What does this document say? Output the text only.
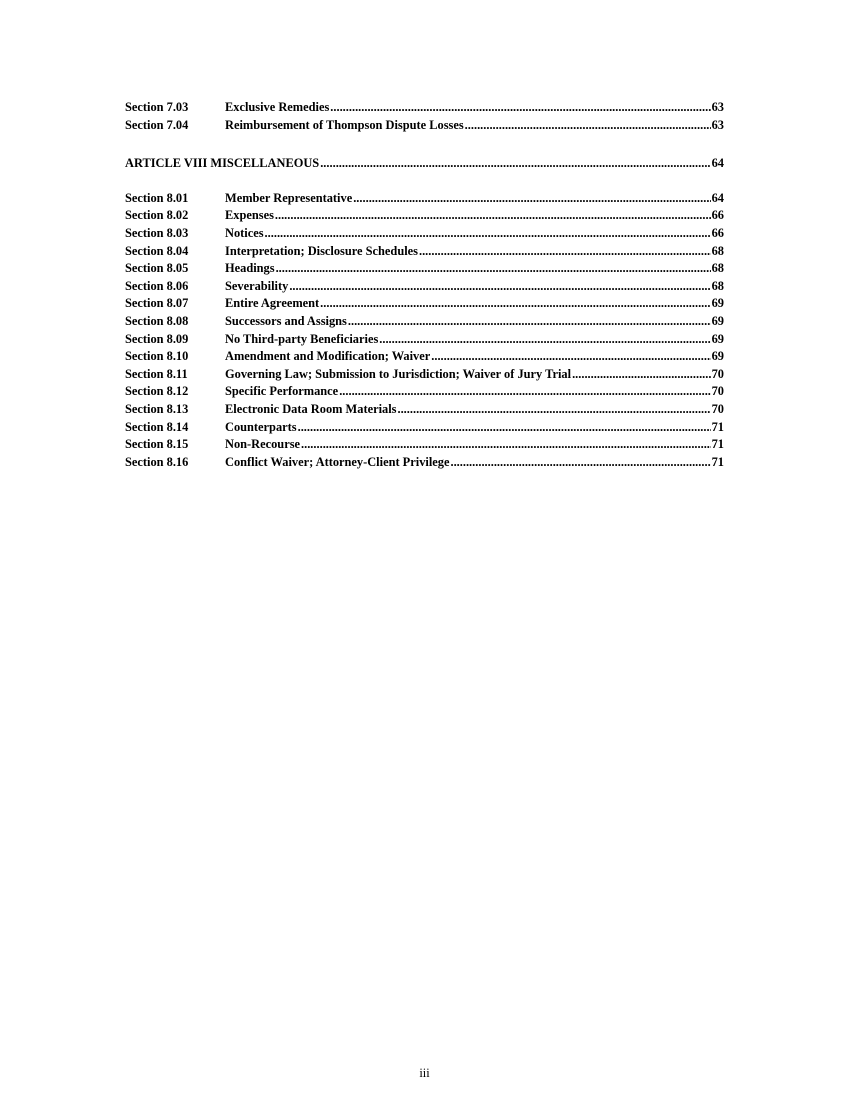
Section 7.03	Exclusive Remedies .....	63
Section 7.04	Reimbursement of Thompson Dispute Losses .....	63
ARTICLE VIII MISCELLANEOUS .....	64
Section 8.01	Member Representative .....	64
Section 8.02	Expenses .....	66
Section 8.03	Notices .....	66
Section 8.04	Interpretation; Disclosure Schedules .....	68
Section 8.05	Headings .....	68
Section 8.06	Severability .....	68
Section 8.07	Entire Agreement .....	69
Section 8.08	Successors and Assigns .....	69
Section 8.09	No Third-party Beneficiaries .....	69
Section 8.10	Amendment and Modification; Waiver .....	69
Section 8.11	Governing Law; Submission to Jurisdiction; Waiver of Jury Trial .....	70
Section 8.12	Specific Performance .....	70
Section 8.13	Electronic Data Room Materials .....	70
Section 8.14	Counterparts .....	71
Section 8.15	Non-Recourse .....	71
Section 8.16	Conflict Waiver; Attorney-Client Privilege .....	71
iii
